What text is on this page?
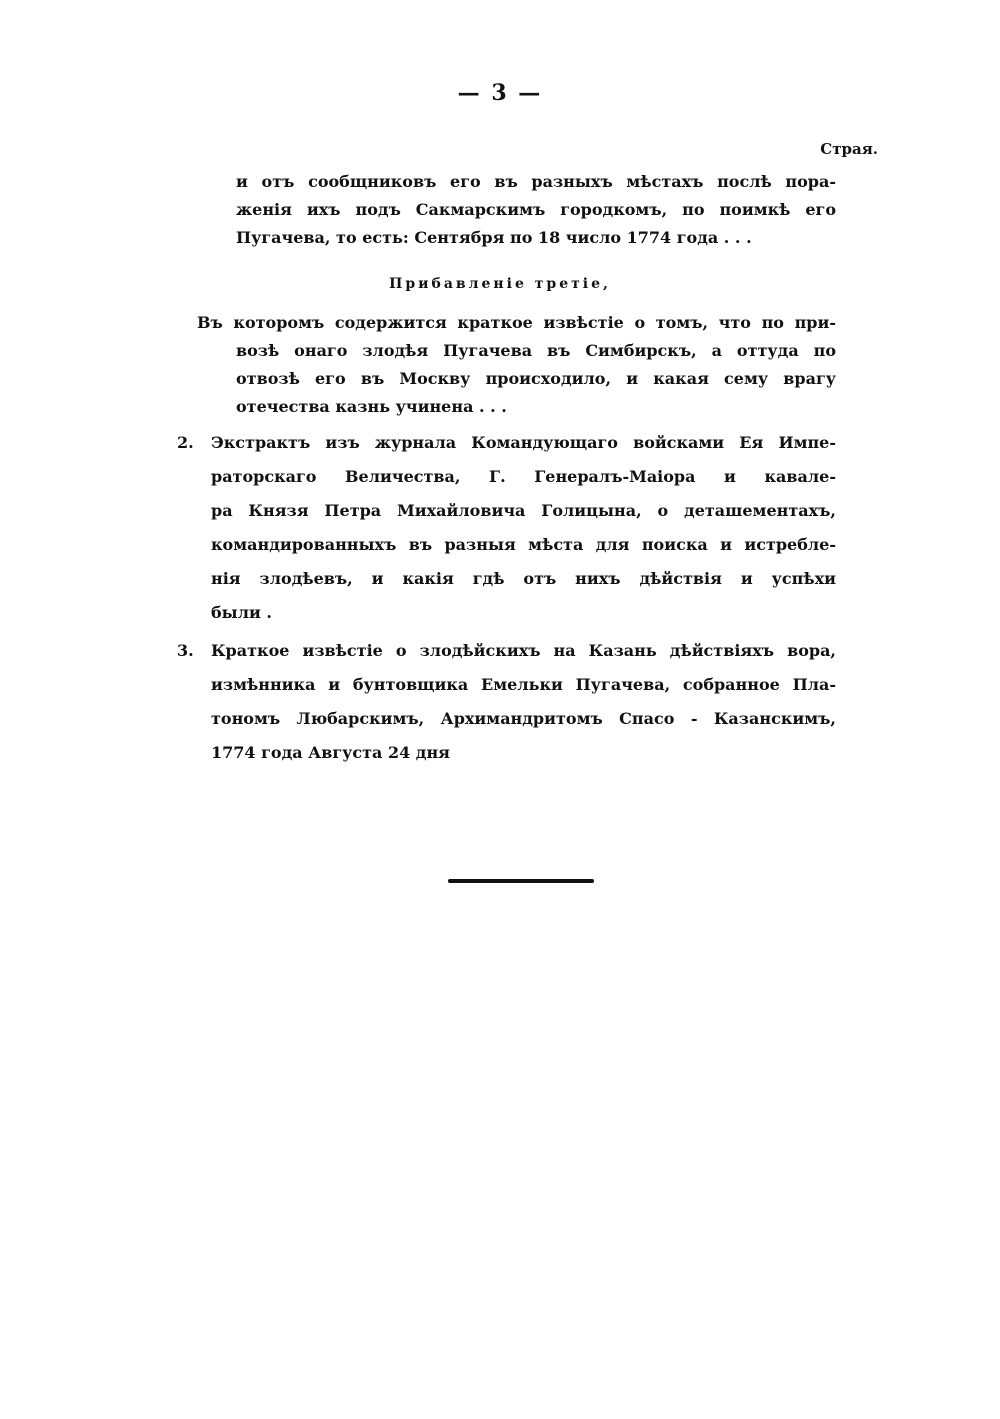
— 3 —
Страя.
и отъ сообщниковъ его въ разныхъ мѣстахъ послѣ пора-
женія ихъ подъ Сакмарскимъ городкомъ, по поимкѣ его
Пугачева, то есть: Сентября по 18 число 1774 года . . .
Прибавленіе третіе,
Въ которомъ содержится краткое извѣстіе о томъ, что по при-
возѣ онаго злодѣя Пугачева въ Симбирскъ, а оттуда по
отвозѣ его въ Москву происходило, и какая сему врагу
отечества казнь учинена . . .
2. Экстрактъ изъ журнала Командующаго войсками Ея Импе-
раторскаго Величества, Г. Генералъ-Маіора и кавале-
ра Князя Петра Михайловича Голицына, о деташементахъ,
командированныхъ въ разныя мѣста для поиска и истребле-
нія злодѣевъ, и какія гдѣ отъ нихъ дѣйствія и успѣхи
были .
3. Краткое извѣстіе о злодѣйскихъ на Казань дѣйствіяхъ вора,
измѣнника и бунтовщика Емельки Пугачева, собранное Пла-
тономъ Любарскимъ, Архимандритомъ Спасо - Казанскимъ,
1774 года Августа 24 дня
